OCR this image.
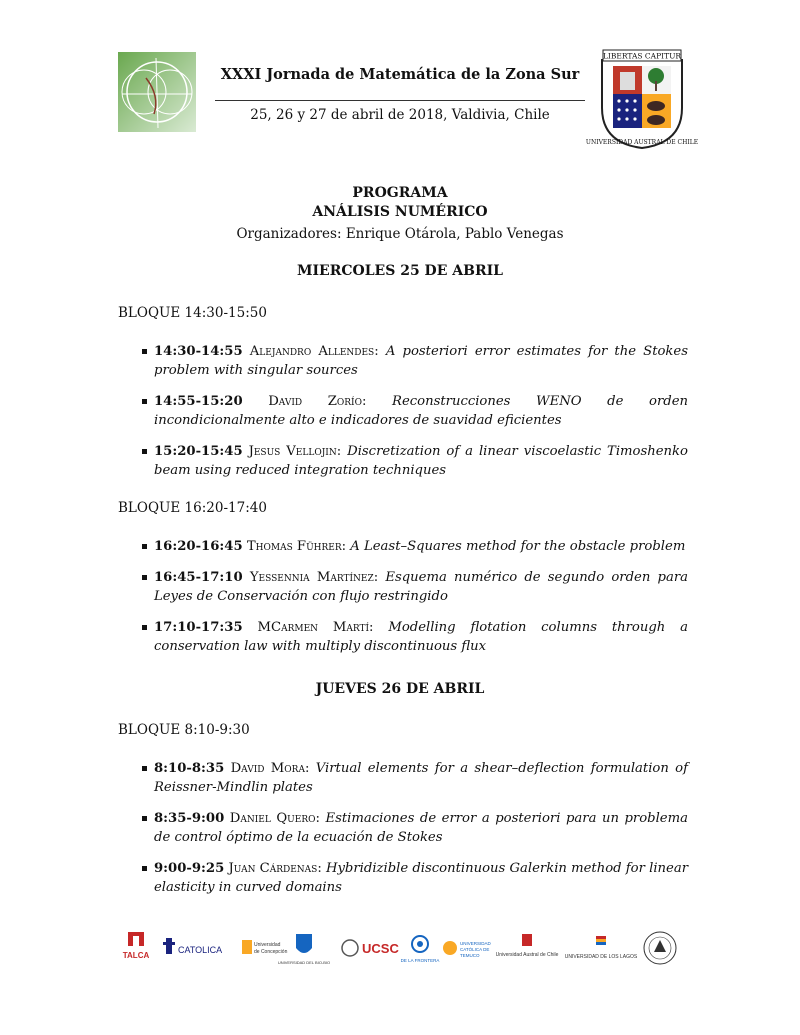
XXXI Jornada de Matemática de la Zona Sur
25, 26 y 27 de abril de 2018, Valdivia, Chile
LIBERTAS CAPITUR
UNIVERSIDAD AUSTRAL DE CHILE
PROGRAMA
ANÁLISIS NUMÉRICO
Organizadores: Enrique Otárola, Pablo Venegas
MIERCOLES 25 DE ABRIL
BLOQUE 14:30-15:50
14:30-14:55 Alejandro Allendes: A posteriori error estimates for the Stokes problem with singular sources
14:55-15:20 David Zorío: Reconstrucciones WENO de orden incondicionalmente alto e indicadores de suavidad eficientes
15:20-15:45 Jesus Vellojin: Discretization of a linear viscoelastic Timoshenko beam using reduced integration techniques
BLOQUE 16:20-17:40
16:20-16:45 Thomas Führer: A Least–Squares method for the obstacle problem
16:45-17:10 Yessennia Martínez: Esquema numérico de segundo orden para Leyes de Conservación con flujo restringido
17:10-17:35 MCarmen Martí: Modelling flotation columns through a conservation law with multiply discontinuous flux
JUEVES 26 DE ABRIL
BLOQUE 8:10-9:30
8:10-8:35 David Mora: Virtual elements for a shear–deflection formulation of Reissner-Mindlin plates
8:35-9:00 Daniel Quero: Estimaciones de error a posteriori para un problema de control óptimo de la ecuación de Stokes
9:00-9:25 Juan Cárdenas: Hybridizible discontinuous Galerkin method for linear elasticity in curved domains
TALCA
CATOLICA	Universidad
de Concepción
UNIVERSIDAD DEL BIO-BIO
UCSC
DE LA FRONTERA
UNIVERSIDAD
CATÓLICA DE
TEMUCO	Universidad Austral de Chile UNIVERSIDAD DE LOS LAGOS
